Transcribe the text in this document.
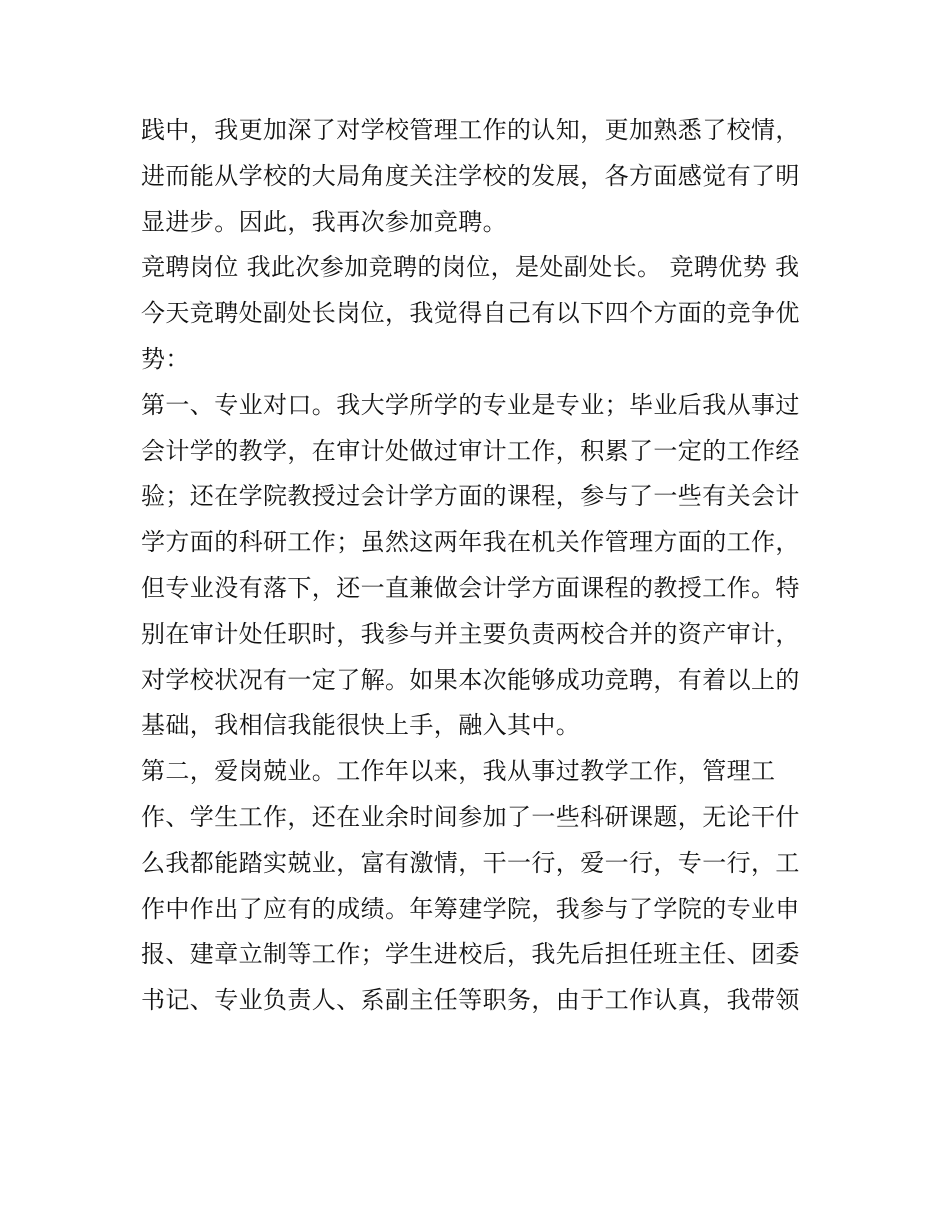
践中，我更加深了对学校管理工作的认知，更加熟悉了校情，
进而能从学校的大局角度关注学校的发展，各方面感觉有了明
显进步。因此，我再次参加竞聘。
竞聘岗位 我此次参加竞聘的岗位，是处副处长。 竞聘优势 我
今天竞聘处副处长岗位，我觉得自己有以下四个方面的竞争优
势：
第一、专业对口。我大学所学的专业是专业；毕业后我从事过
会计学的教学，在审计处做过审计工作，积累了一定的工作经
验；还在学院教授过会计学方面的课程，参与了一些有关会计
学方面的科研工作；虽然这两年我在机关作管理方面的工作，
但专业没有落下，还一直兼做会计学方面课程的教授工作。特
别在审计处任职时，我参与并主要负责两校合并的资产审计，
对学校状况有一定了解。如果本次能够成功竞聘，有着以上的
基础，我相信我能很快上手，融入其中。
第二，爱岗兢业。工作年以来，我从事过教学工作，管理工
作、学生工作，还在业余时间参加了一些科研课题，无论干什
么我都能踏实兢业，富有激情，干一行，爱一行，专一行，工
作中作出了应有的成绩。年筹建学院，我参与了学院的专业申
报、建章立制等工作；学生进校后，我先后担任班主任、团委
书记、专业负责人、系副主任等职务，由于工作认真，我带领
